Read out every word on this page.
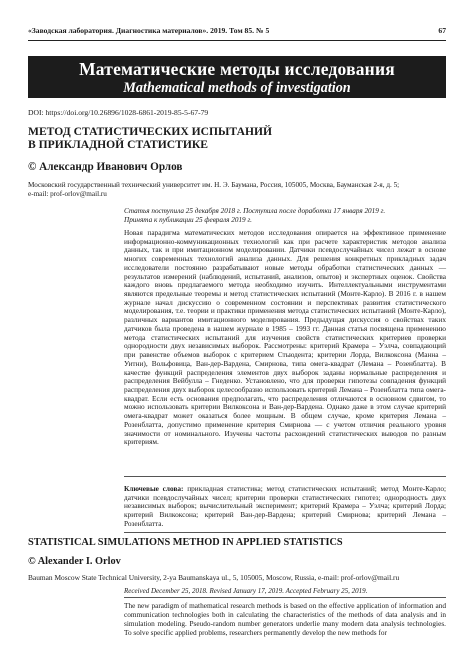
«Заводская лаборатория. Диагностика материалов». 2019. Том 85. № 5	67
Математические методы исследования
Mathematical methods of investigation
DOI: https://doi.org/10.26896/1028-6861-2019-85-5-67-79
МЕТОД СТАТИСТИЧЕСКИХ ИСПЫТАНИЙ
В ПРИКЛАДНОЙ СТАТИСТИКЕ
© Александр Иванович Орлов
Московский государственный технический университет им. Н. Э. Баумана, Россия, 105005, Москва, Бауманская 2-я, д. 5;
e-mail: prof-orlov@mail.ru
Статья поступила 25 декабря 2018 г. Поступила после доработки 17 января 2019 г.
Принята к публикации 25 февраля 2019 г.

Новая парадигма математических методов исследования опирается на эффективное применение информационно-коммуникационных технологий как при расчете характеристик методов анализа данных, так и при имитационном моделировании. Датчики псевдослучайных чисел лежат в основе многих современных технологий анализа данных. Для решения конкретных прикладных задач исследователи постоянно разрабатывают новые методы обработки статистических данных — результатов измерений (наблюдений, испытаний, анализов, опытов) и экспертных оценок. Свойства каждого вновь предлагаемого метода необходимо изучить. Интеллектуальными инструментами являются предельные теоремы и метод статистических испытаний (Монте-Карло). В 2016 г. в нашем журнале начал дискуссию о современном состоянии и перспективах развития статистического моделирования, т.е. теории и практики применения метода статистических испытаний (Монте-Карло), различных вариантов имитационного моделирования. Предыдущая дискуссия о свойствах таких датчиков была проведена в нашем журнале в 1985 – 1993 гг. Данная статья посвящена применению метода статистических испытаний для изучения свойств статистических критериев проверки однородности двух независимых выборок. Рассмотрены: критерий Крамера – Уэлча, совпадающий при равенстве объемов выборок с критерием Стьюдента; критерии Лорда, Вилкоксона (Манна – Уитни), Вольфовица, Ван-дер-Вардена, Смирнова, типа омега-квадрат (Лемана – Розенблатта). В качестве функций распределения элементов двух выборок заданы нормальные распределения и распределения Вейбулла – Гнеденко. Установлено, что для проверки гипотезы совпадения функций распределения двух выборок целесообразно использовать критерий Лемана – Розенблатта типа омега-квадрат. Если есть основания предполагать, что распределения отличаются в основном сдвигом, то можно использовать критерии Вилкоксона и Ван-дер-Вардена. Однако даже в этом случае критерий омега-квадрат может оказаться более мощным. В общем случае, кроме критерия Лемана – Розенблатта, допустимо применение критерия Смирнова — с учетом отличия реального уровня значимости от номинального. Изучены частоты расхождений статистических выводов по разным критериям.

Ключевые слова: прикладная статистика; метод статистических испытаний; метод Монте-Карло; датчики псевдослучайных чисел; критерии проверки статистических гипотез; однородность двух независимых выборок; вычислительный эксперимент; критерий Крамера – Уэлча; критерий Лорда; критерий Вилкоксона; критерий Ван-дер-Вардена; критерий Смирнова; критерий Лемана – Розенблатта.
STATISTICAL SIMULATIONS METHOD IN APPLIED STATISTICS
© Alexander I. Orlov
Bauman Moscow State Technical University, 2-ya Baumanskaya ul., 5, 105005, Moscow, Russia, e-mail: prof-orlov@mail.ru
Received December 25, 2018. Revised January 17, 2019. Accepted February 25, 2019.

The new paradigm of mathematical research methods is based on the effective application of information and communication technologies both in calculating the characteristics of the methods of data analysis and in simulation modeling. Pseudo-random number generators underlie many modern data analysis technologies. To solve specific applied problems, researchers permanently develop the new methods for
